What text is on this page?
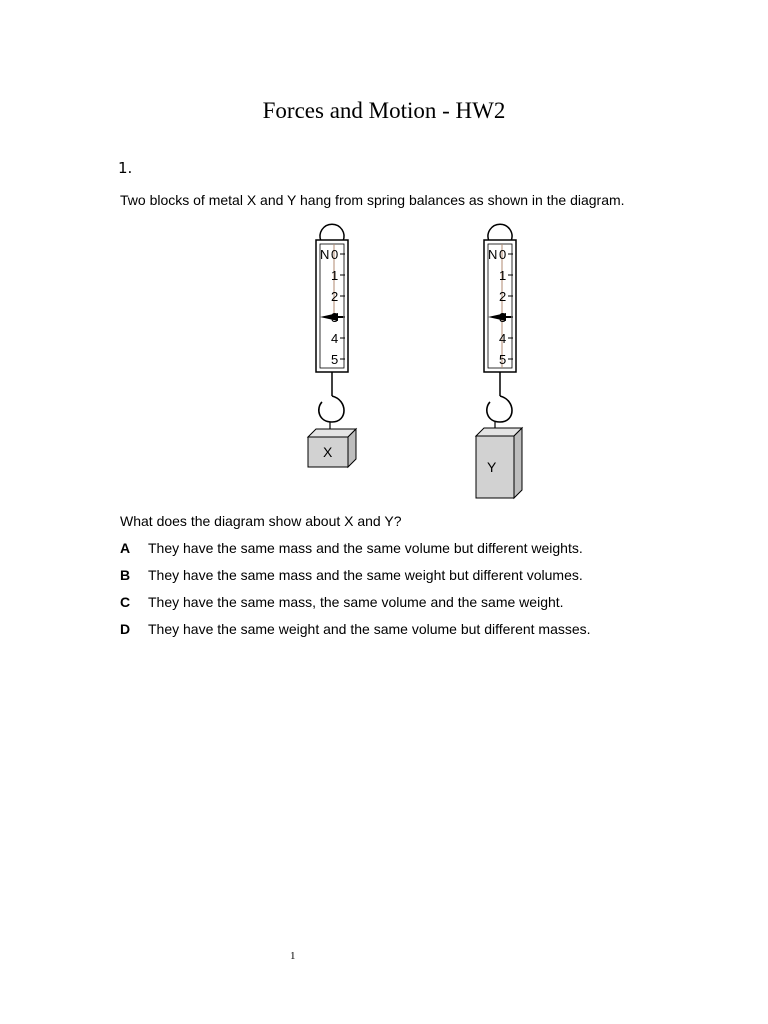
Forces and Motion - HW2
1.
Two blocks of metal X and Y hang from spring balances as shown in the diagram.
N 0
1
2
4
5
X
N 0
1
2
4
5
Y
What does the diagram show about X and Y?
A	They have the same mass and the same volume but different weights.
B	They have the same mass and the same weight but different volumes.
C	They have the same mass, the same volume and the same weight.
D	They have the same weight and the same volume but different masses.
1
